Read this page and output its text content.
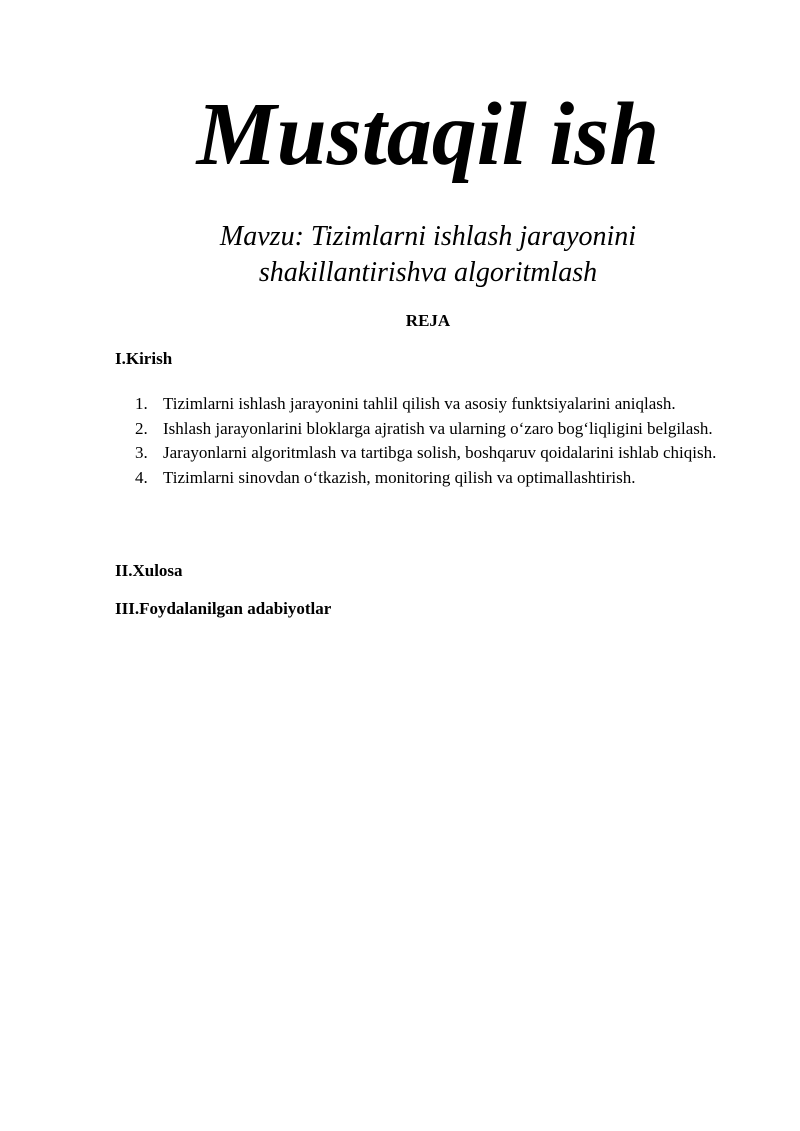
Mustaqil ish
Mavzu: Tizimlarni ishlash jarayonini
shakillantirishva algoritmlash
REJA
I.Kirish
1. Tizimlarni ishlash jarayonini tahlil qilish va asosiy funktsiyalarini aniqlash.
2. Ishlash jarayonlarini bloklarga ajratish va ularning o‘zaro bog‘liqligini belgilash.
3. Jarayonlarni algoritmlash va tartibga solish, boshqaruv qoidalarini ishlab chiqish.
4. Tizimlarni sinovdan o‘tkazish, monitoring qilish va optimallashtirish.
II.Xulosa
III.Foydalanilgan adabiyotlar
